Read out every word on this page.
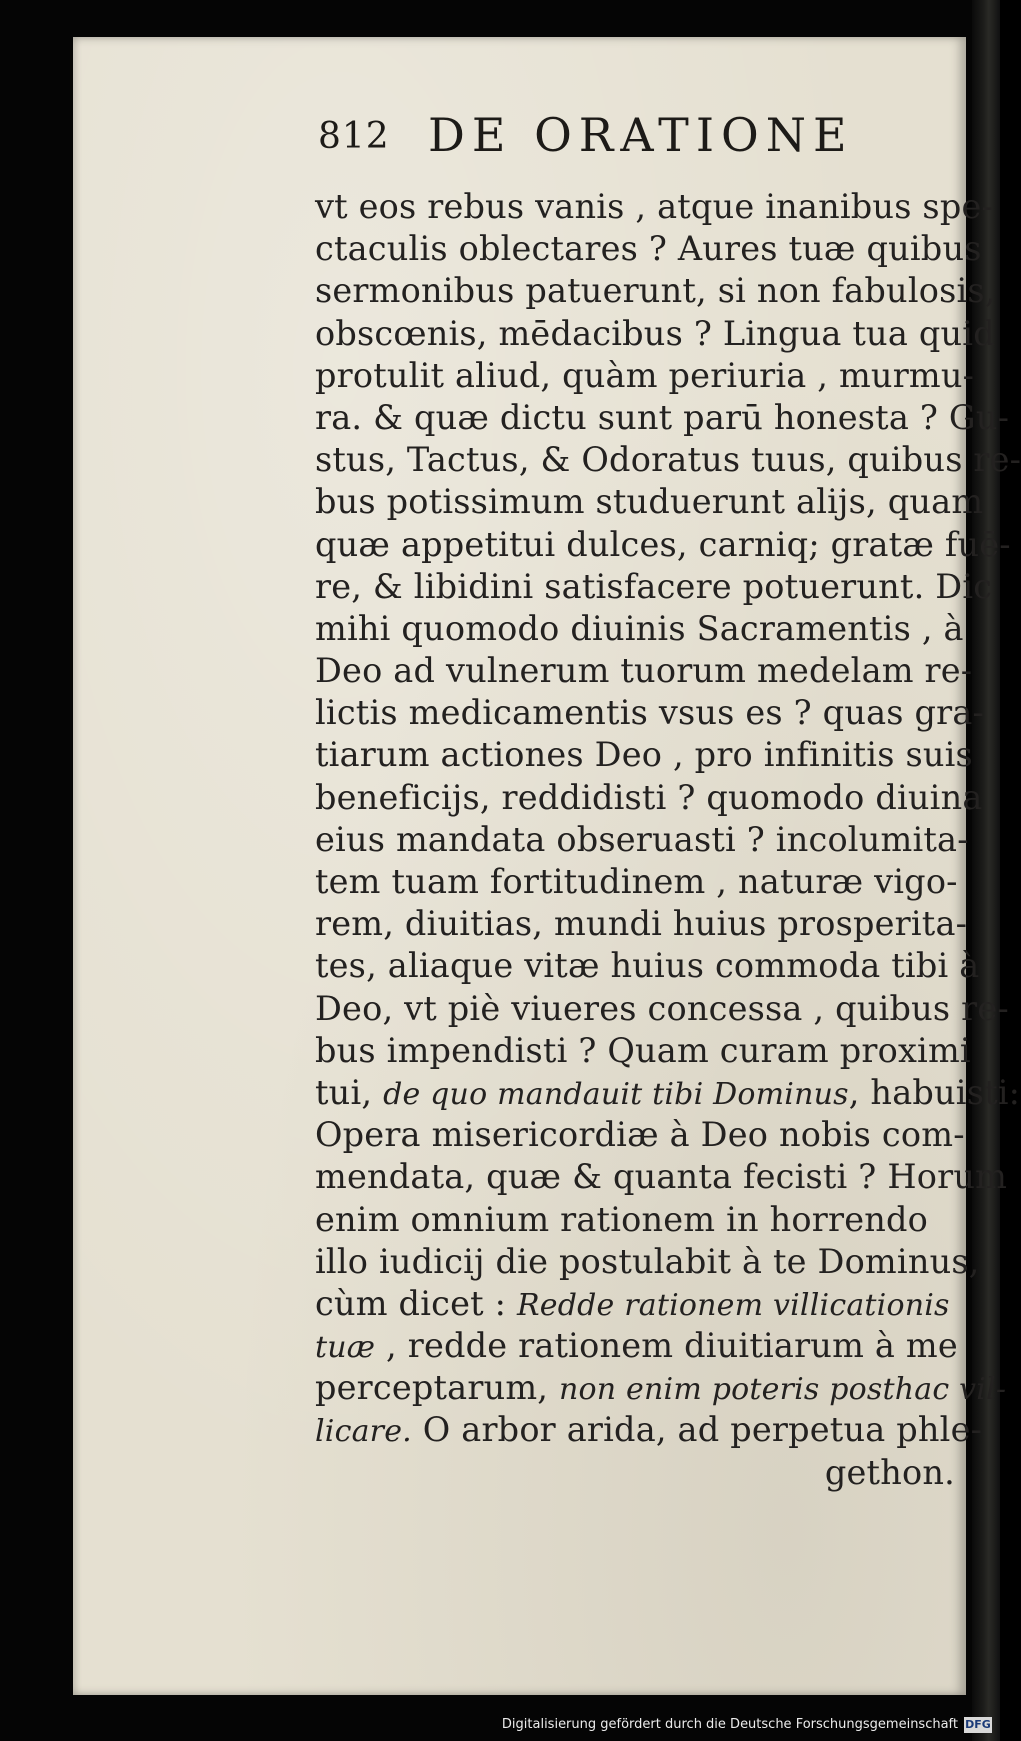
812 DE ORATIONE
vt eos rebus vanis , atque inanibus spe-
ctaculis oblectares ? Aures tuæ quibus
sermonibus patuerunt, si non fabulosis,
obscœnis, mēdacibus ? Lingua tua quid
protulit aliud, quàm periuria , murmu-
ra. & quæ dictu sunt parū honesta ? Gu-
stus, Tactus, & Odoratus tuus, quibus re-
bus potissimum studuerunt alijs, quam
quæ appetitui dulces, carniq; gratæ fuē-
re, & libidini satisfacere potuerunt. Dic
mihi quomodo diuinis Sacramentis , à
Deo ad vulnerum tuorum medelam re-
lictis medicamentis vsus es ? quas gra-
tiarum actiones Deo , pro infinitis suis
beneficijs, reddidisti ? quomodo diuina
eius mandata obseruasti ? incolumita-
tem tuam fortitudinem , naturæ vigo-
rem, diuitias, mundi huius prosperita-
tes, aliaque vitæ huius commoda tibi à
Deo, vt piè viueres concessa , quibus re-
bus impendisti ? Quam curam proximi
tui, de quo mandauit tibi Dominus, habuisti:
Opera misericordiæ à Deo nobis com-
mendata, quæ & quanta fecisti ? Horum
enim omnium rationem in horrendo
illo iudicij die postulabit à te Dominus,
cùm dicet : Redde rationem villicationis
tuæ , redde rationem diuitiarum à me
perceptarum, non enim poteris posthac vil-
licare. O arbor arida, ad perpetua phle-
gethon.
Digitalisierung gefördert durch die Deutsche Forschungsgemeinschaft DFG
